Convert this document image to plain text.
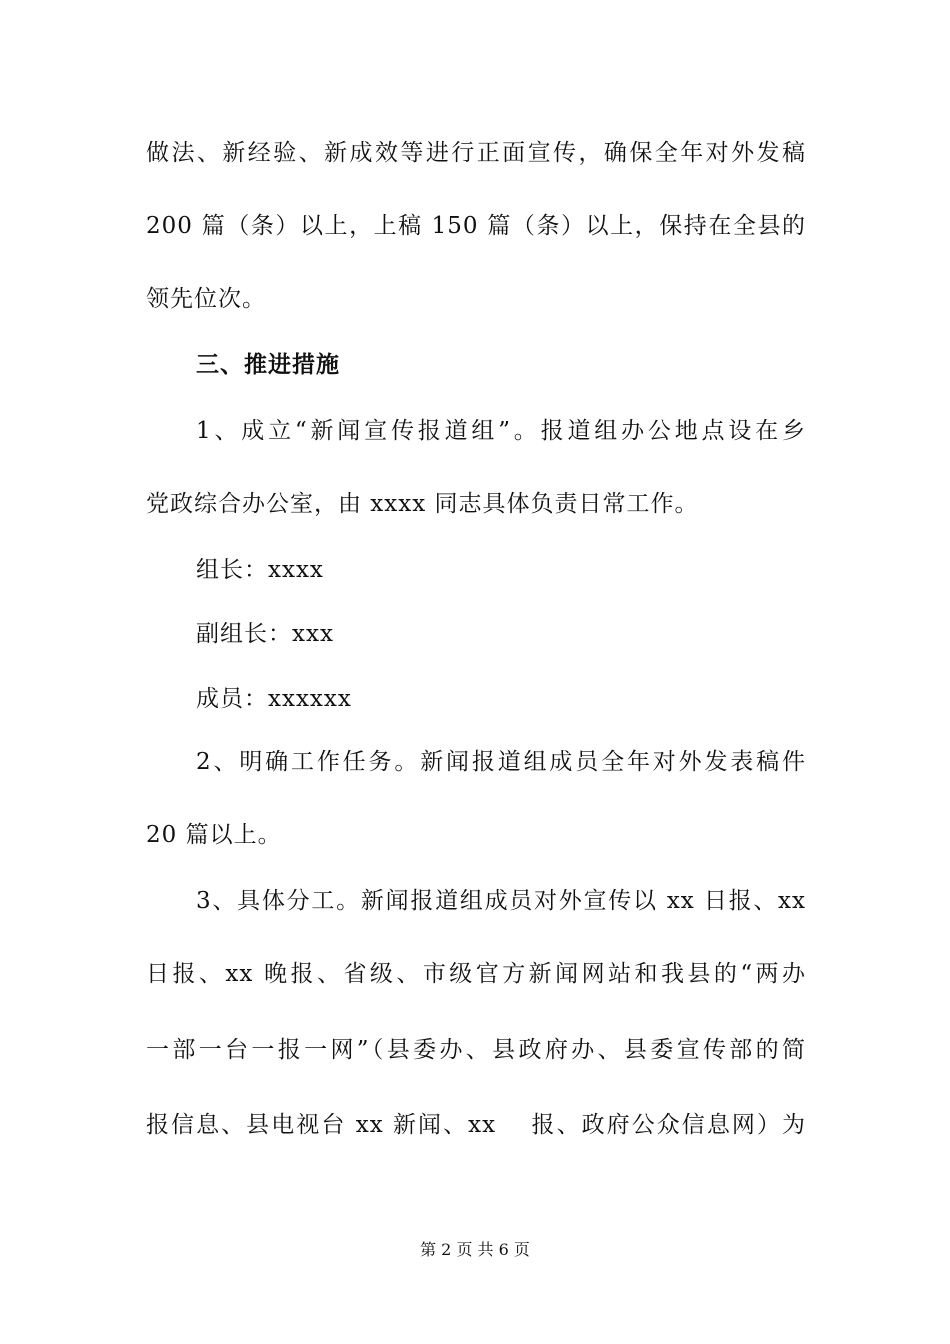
做法、新经验、新成效等进行正面宣传，确保全年对外发稿
200 篇（条）以上，上稿 150 篇（条）以上，保持在全县的
领先位次。
三、推进措施
1、成立“新闻宣传报道组”。报道组办公地点设在乡
党政综合办公室，由 xxxx 同志具体负责日常工作。
组长：xxxx
副组长：xxx
成员：xxxxxx
2、明确工作任务。新闻报道组成员全年对外发表稿件
20 篇以上。
3、具体分工。新闻报道组成员对外宣传以 xx 日报、xx
日报、xx 晚报、省级、市级官方新闻网站和我县的“两办
一部一台一报一网”（县委办、县政府办、县委宣传部的简
报信息、县电视台 xx 新闻、xx　 报、政府公众信息网）为
第 2 页 共 6 页
